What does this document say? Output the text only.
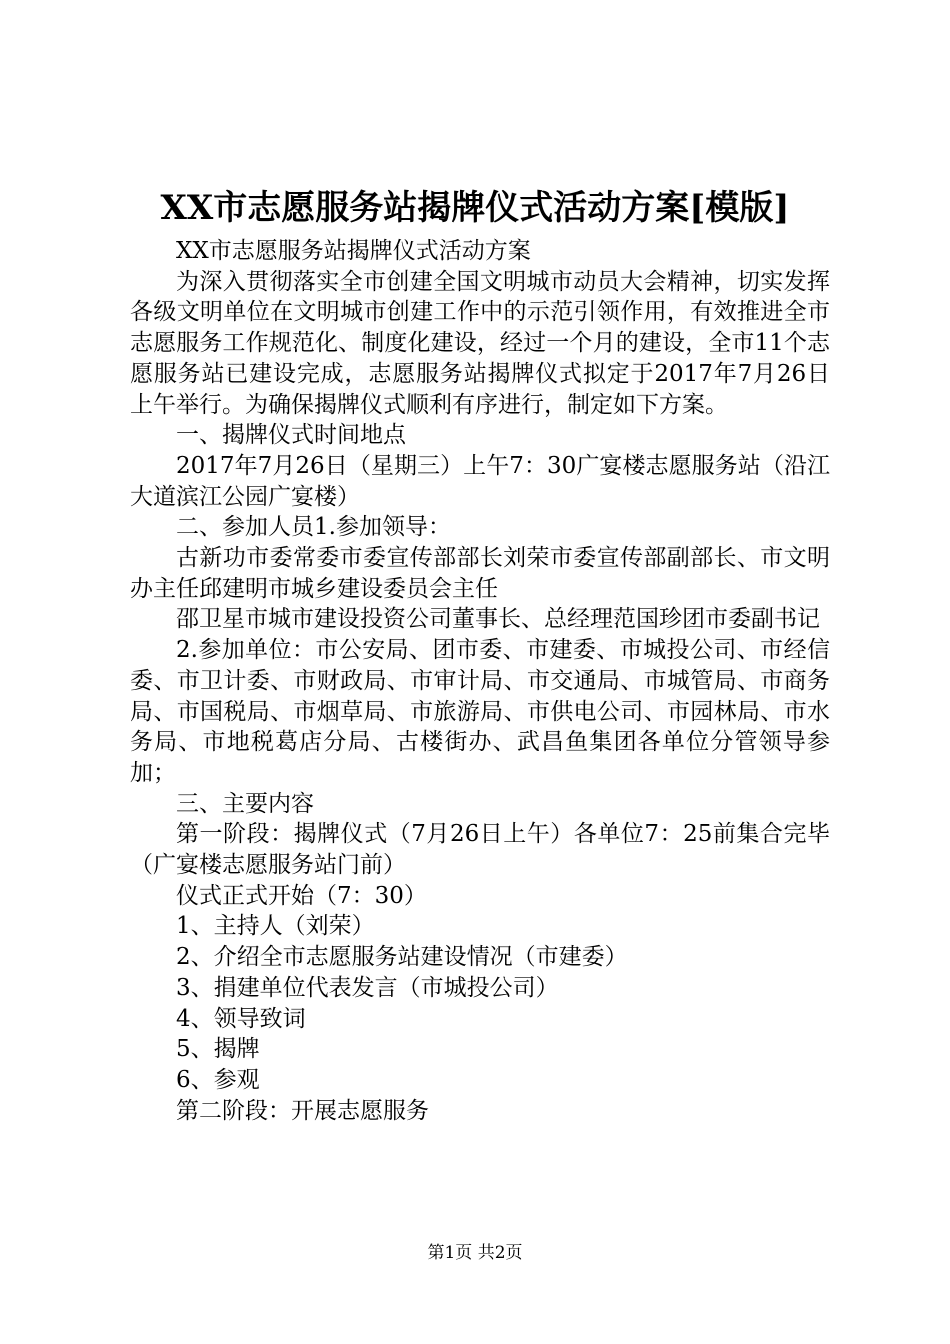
XX市志愿服务站揭牌仪式活动方案[模版]

XX市志愿服务站揭牌仪式活动方案

为深入贯彻落实全市创建全国文明城市动员大会精神，切实发挥各级文明单位在文明城市创建工作中的示范引领作用，有效推进全市志愿服务工作规范化、制度化建设，经过一个月的建设，全市11个志愿服务站已建设完成，志愿服务站揭牌仪式拟定于2017年7月26日上午举行。为确保揭牌仪式顺利有序进行，制定如下方案。

一、揭牌仪式时间地点

2017年7月26日（星期三）上午7：30广宴楼志愿服务站（沿江大道滨江公园广宴楼）

二、参加人员1.参加领导：

古新功市委常委市委宣传部部长刘荣市委宣传部副部长、市文明办主任邱建明市城乡建设委员会主任

邵卫星市城市建设投资公司董事长、总经理范国珍团市委副书记

2.参加单位：市公安局、团市委、市建委、市城投公司、市经信委、市卫计委、市财政局、市审计局、市交通局、市城管局、市商务局、市国税局、市烟草局、市旅游局、市供电公司、市园林局、市水务局、市地税葛店分局、古楼街办、武昌鱼集团各单位分管领导参加；

三、主要内容

第一阶段：揭牌仪式（7月26日上午）各单位7：25前集合完毕（广宴楼志愿服务站门前）

仪式正式开始（7：30）

1、主持人（刘荣）

2、介绍全市志愿服务站建设情况（市建委）

3、捐建单位代表发言（市城投公司）

4、领导致词

5、揭牌

6、参观

第二阶段：开展志愿服务

第1页 共2页
